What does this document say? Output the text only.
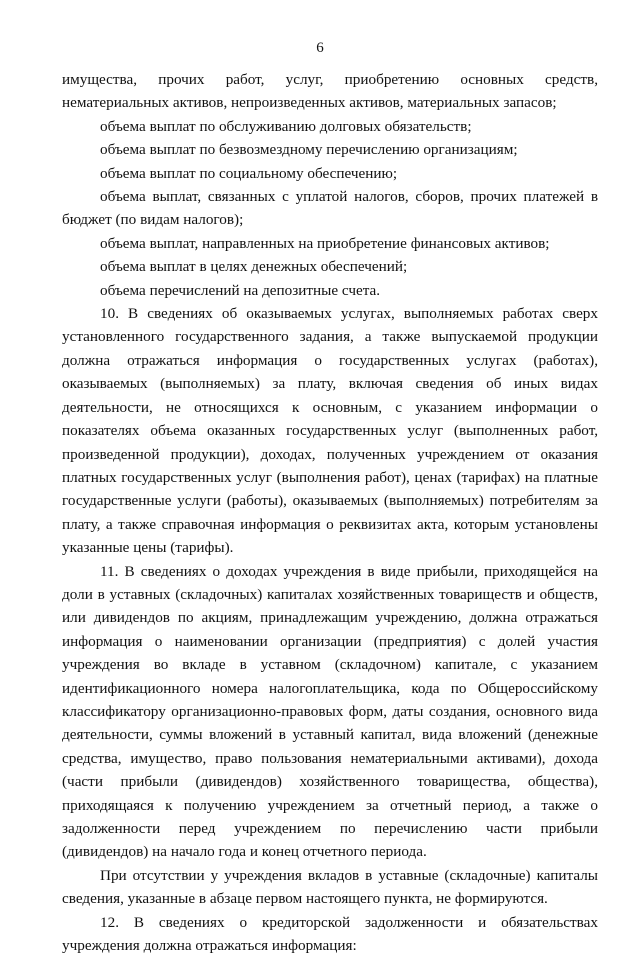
6

имущества, прочих работ, услуг, приобретению основных средств, нематериальных активов, непроизведенных активов, материальных запасов;

объема выплат по обслуживанию долговых обязательств;

объема выплат по безвозмездному перечислению организациям;

объема выплат по социальному обеспечению;

объема выплат, связанных с уплатой налогов, сборов, прочих платежей в бюджет (по видам налогов);

объема выплат, направленных на приобретение финансовых активов;

объема выплат в целях денежных обеспечений;

объема перечислений на депозитные счета.

10. В сведениях об оказываемых услугах, выполняемых работах сверх установленного государственного задания, а также выпускаемой продукции должна отражаться информация о государственных услугах (работах), оказываемых (выполняемых) за плату, включая сведения об иных видах деятельности, не относящихся к основным, с указанием информации о показателях объема оказанных государственных услуг (выполненных работ, произведенной продукции), доходах, полученных учреждением от оказания платных государственных услуг (выполнения работ), ценах (тарифах) на платные государственные услуги (работы), оказываемых (выполняемых) потребителям за плату, а также справочная информация о реквизитах акта, которым установлены указанные цены (тарифы).

11. В сведениях о доходах учреждения в виде прибыли, приходящейся на доли в уставных (складочных) капиталах хозяйственных товариществ и обществ, или дивидендов по акциям, принадлежащим учреждению, должна отражаться информация о наименовании организации (предприятия) с долей участия учреждения во вкладе в уставном (складочном) капитале, с указанием идентификационного номера налогоплательщика, кода по Общероссийскому классификатору организационно-правовых форм, даты создания, основного вида деятельности, суммы вложений в уставный капитал, вида вложений (денежные средства, имущество, право пользования нематериальными активами), дохода (части прибыли (дивидендов) хозяйственного товарищества, общества), приходящаяся к получению учреждением за отчетный период, а также о задолженности перед учреждением по перечислению части прибыли (дивидендов) на начало года и конец отчетного периода.

При отсутствии у учреждения вкладов в уставные (складочные) капиталы сведения, указанные в абзаце первом настоящего пункта, не формируются.

12. В сведениях о кредиторской задолженности и обязательствах учреждения должна отражаться информация:
